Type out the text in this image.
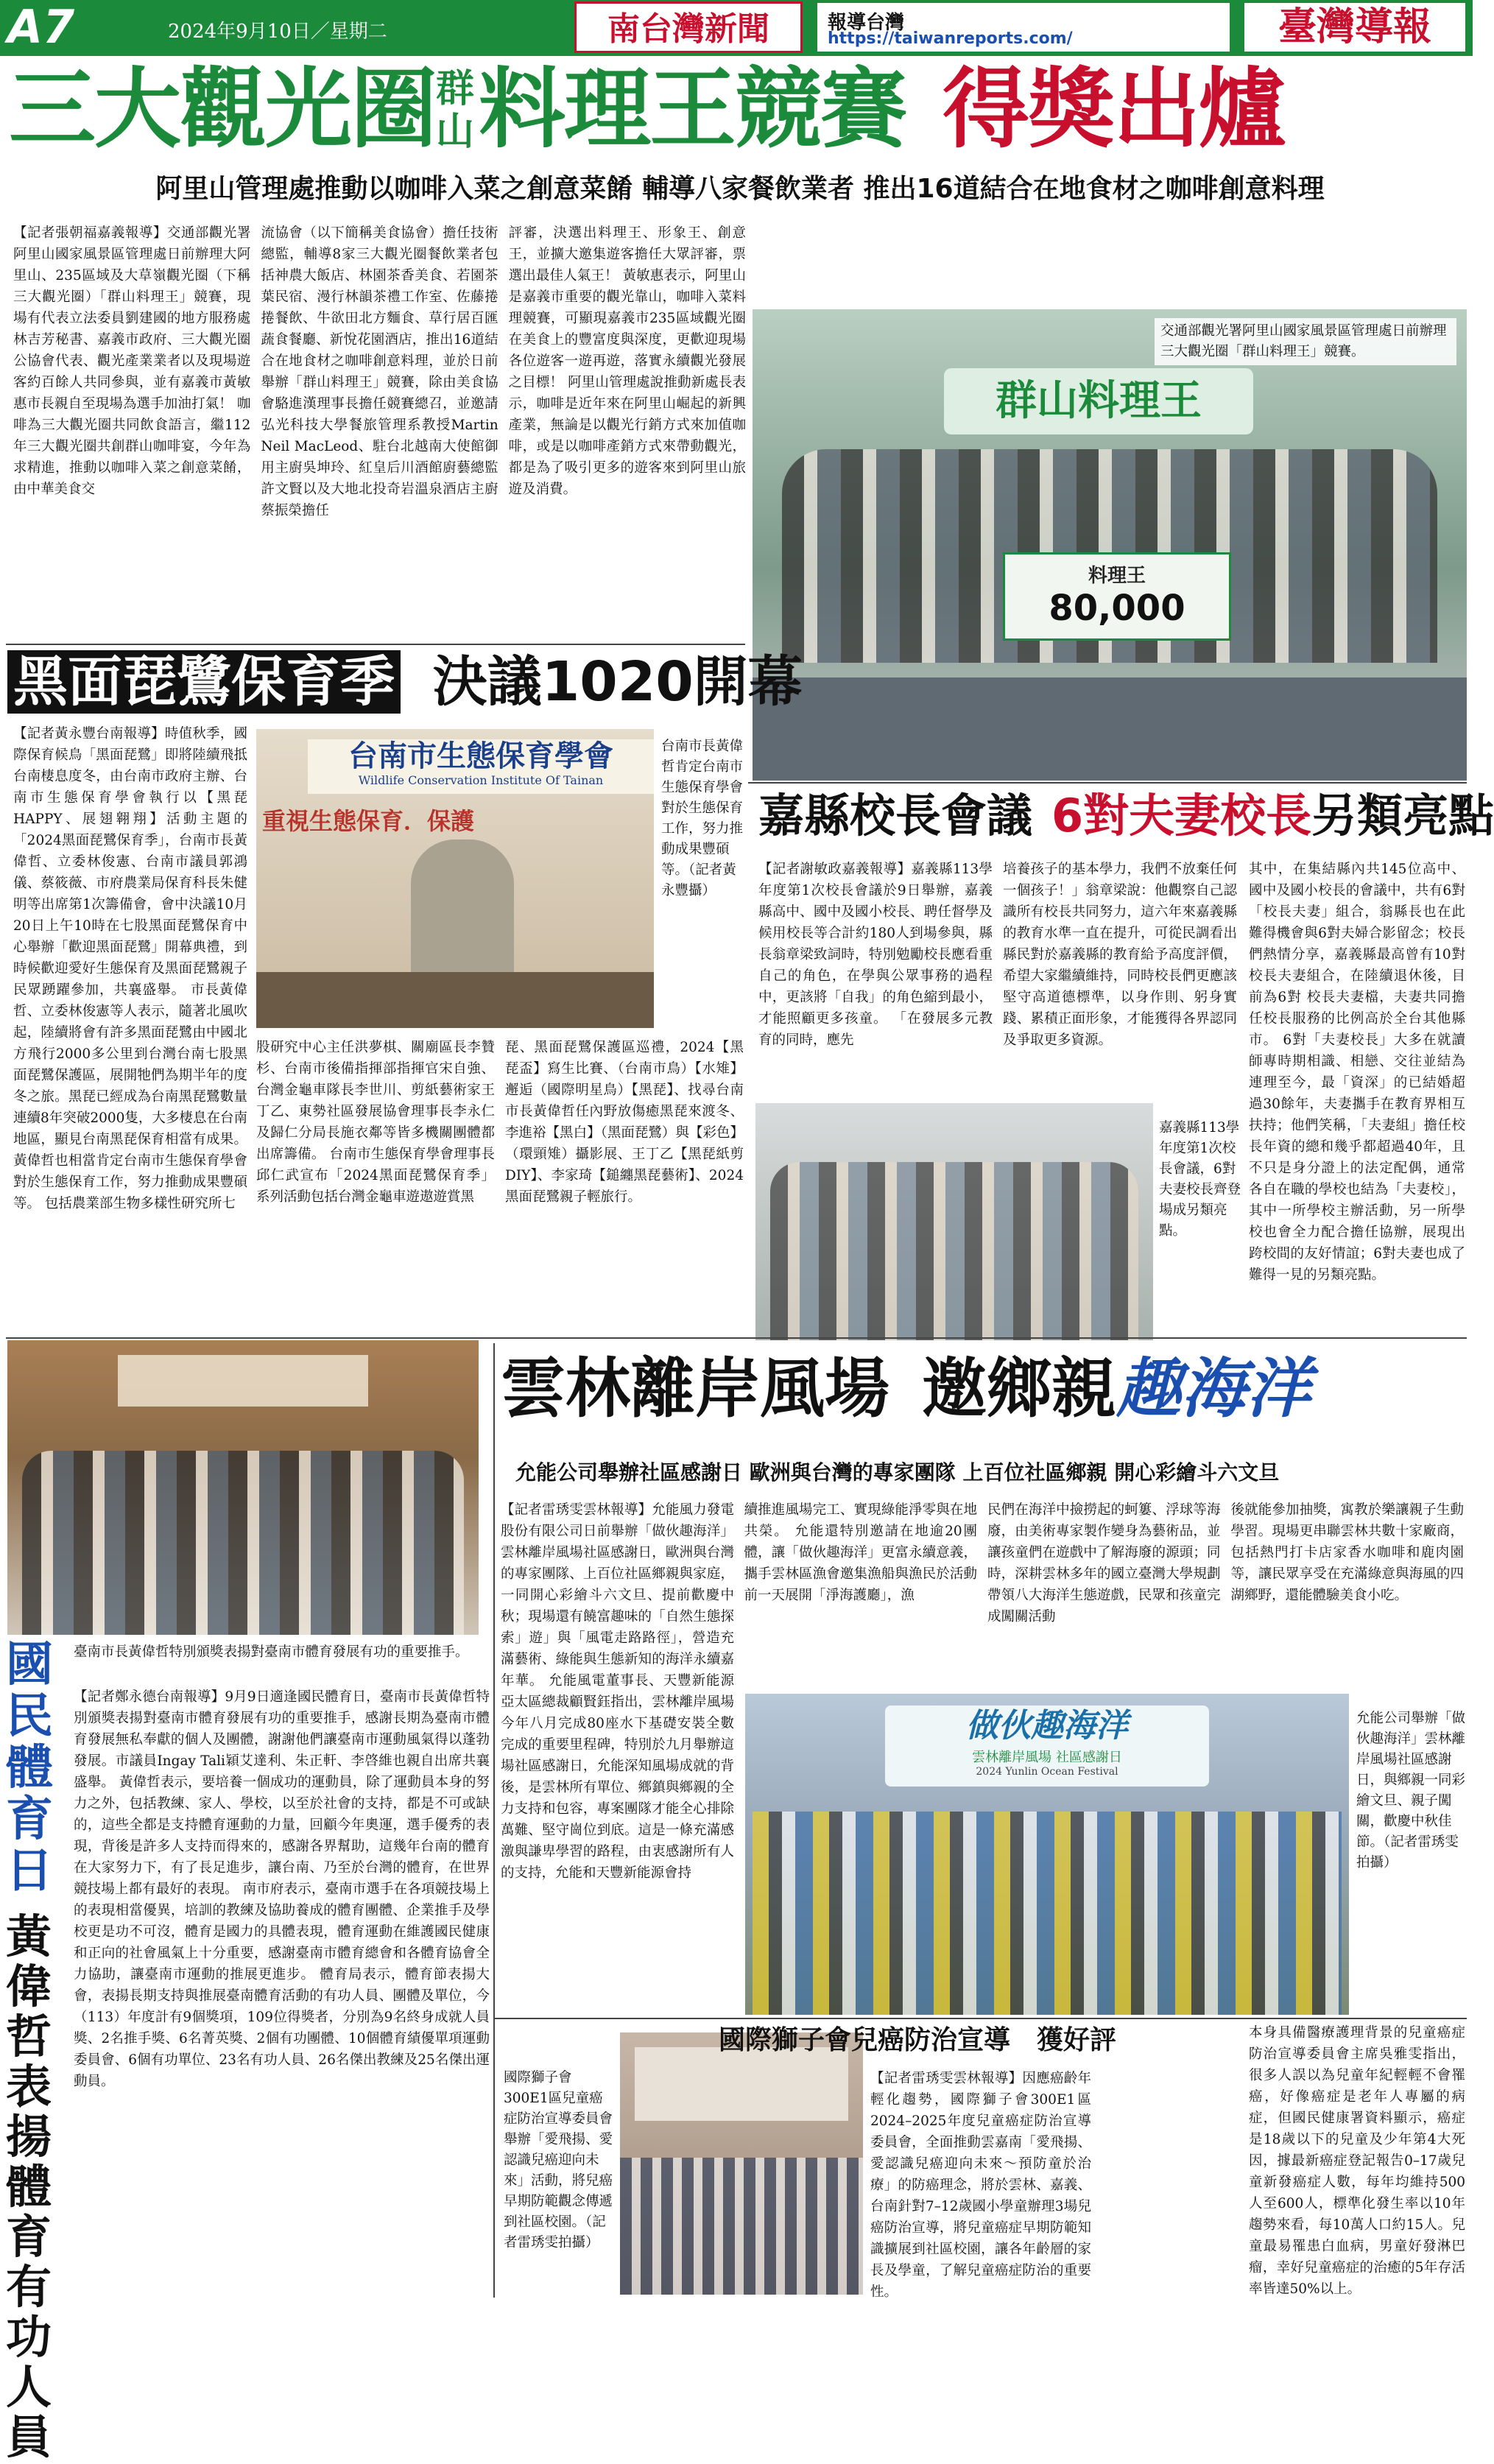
A7	2024年9月10日／星期二	南台灣新聞	報導台灣
https://taiwanreports.com/	臺灣導報
三大觀光圈群山料理王競賽 得獎出爐
阿里山管理處推動以咖啡入菜之創意菜餚 輔導八家餐飲業者 推出16道結合在地食材之咖啡創意料理

【記者張朝福嘉義報導】交通部觀光署阿里山國家風景區管理處日前辦理大阿里山、235區域及大草嶺觀光圈（下稱三大觀光圈）「群山料理王」競賽，現場有代表立法委員劉建國的地方服務處林吉芳秘書、嘉義市政府、三大觀光圈公協會代表、觀光產業業者以及現場遊客約百餘人共同參與，並有嘉義市黃敏惠市長親自至現場為選手加油打氣！ 咖啡為三大觀光圈共同飲食語言，繼112年三大觀光圈共創群山咖啡宴，今年為求精進，推動以咖啡入菜之創意菜餚，由中華美食交

流協會（以下簡稱美食協會）擔任技術總監，輔導8家三大觀光圈餐飲業者包括神農大飯店、林園茶香美食、若園茶葉民宿、漫行林韻茶禮工作室、佐藤捲捲餐飲、牛欲田北方麵食、草行居百匯蔬食餐廳、新悅花園酒店，推出16道結合在地食材之咖啡創意料理，並於日前舉辦「群山料理王」競賽，除由美食協會駱進漢理事長擔任競賽總召，並邀請弘光科技大學餐旅管理系教授Martin Neil MacLeod、駐台北越南大使館御用主廚吳坤玲、紅皇后川酒館廚藝總監許文賢以及大地北投奇岩溫泉酒店主廚蔡振榮擔任

評審，決選出料理王、形象王、創意王，並擴大邀集遊客擔任大眾評審，票選出最佳人氣王！ 黃敏惠表示，阿里山是嘉義市重要的觀光靠山，咖啡入菜料理競賽，可顯現嘉義市235區域觀光圈在美食上的豐富度與深度，更歡迎現場各位遊客一遊再遊，落實永續觀光發展之目標！ 阿里山管理處說推動新處長表示，咖啡是近年來在阿里山崛起的新興產業，無論是以觀光行銷方式來加值咖啡，或是以咖啡產銷方式來帶動觀光，都是為了吸引更多的遊客來到阿里山旅遊及消費。

群山料理王
料理王
80,000
交通部觀光署阿里山國家風景區管理處日前辦理三大觀光圈「群山料理王」競賽。
黑面琵鷺保育季 決議1020開幕

【記者黃永豐台南報導】時值秋季，國際保育候鳥「黑面琵鷺」即將陸續飛抵台南棲息度冬，由台南市政府主辦、台南市生態保育學會執行以【黑琵HAPPY、展翅翱翔】活動主題的「2024黑面琵鷺保育季」，台南市長黃偉哲、立委林俊憲、台南市議員郭鴻儀、蔡筱薇、市府農業局保育科長朱健明等出席第1次籌備會，會中決議10月20日上午10時在七股黑面琵鷺保育中心舉辦「歡迎黑面琵鷺」開幕典禮，到時候歡迎愛好生態保育及黑面琵鷺親子民眾踴躍參加，共襄盛舉。 市長黃偉哲、立委林俊憲等人表示，隨著北風吹起，陸續將會有許多黑面琵鷺由中國北方飛行2000多公里到台灣台南七股黑面琵鷺保護區，展開牠們為期半年的度冬之旅。黑琵已經成為台南黑琵鷺數量連續8年突破2000隻，大多棲息在台南地區，顯見台南黑琵保育相當有成果。 黃偉哲也相當肯定台南市生態保育學會對於生態保育工作，努力推動成果豐碩等。 包括農業部生物多樣性研究所七

台南市生態保育學會
Wildlife Conservation Institute Of Tainan
重視生態保育．保護
台南市長黃偉哲肯定台南市生態保育學會對於生態保育工作，努力推動成果豐碩等。（記者黃永豐攝）

股研究中心主任洪夢棋、關廟區長李贊杉、台南市後備指揮部指揮官宋自強、台灣金龜車隊長李世川、剪紙藝術家王丁乙、東勢社區發展協會理事長李永仁及歸仁分局長施衣鄰等皆多機關團體都出席籌備。 台南市生態保育學會理事長邱仁武宣布「2024黑面琵鷺保育季」系列活動包括台灣金龜車遊遨遊賞黑

琵、黑面琵鷺保護區巡禮，2024【黑琵盃】寫生比賽、（台南市鳥）【水雉】邂逅（國際明星鳥）【黑琵】、找尋台南市長黃偉哲任內野放傷癒黑琵來渡冬、李進裕【黑白】（黑面琵鷺）與【彩色】（環頸雉）攝影展、王丁乙【黑琵紙剪DIY】、李家琦【鎚纏黑琵藝術】、2024黑面琵鷺親子輕旅行。

嘉縣校長會議 6對夫妻校長另類亮點

【記者謝敏政嘉義報導】嘉義縣113學年度第1次校長會議於9日舉辦，嘉義縣高中、國中及國小校長、聘任督學及候用校長等合計約180人到場參與，縣長翁章梁致詞時，特別勉勵校長應看重自己的角色，在學與公眾事務的過程中，更該將「自我」的角色縮到最小，才能照顧更多孩童。 「在發展多元教育的同時，應先

培養孩子的基本學力，我們不放棄任何一個孩子！」翁章梁說：他觀察自己認識所有校長共同努力，這六年來嘉義縣的教育水準一直在提升，可從民調看出縣民對於嘉義縣的教育給予高度評價，希望大家繼續維持，同時校長們更應該堅守高道德標準，以身作則、躬身實踐、累積正面形象，才能獲得各界認同及爭取更多資源。

其中，在集結縣內共145位高中、國中及國小校長的會議中，共有6對「校長夫妻」組合，翁縣長也在此難得機會與6對夫婦合影留念；校長們熱情分享，嘉義縣最高曾有10對校長夫妻組合，在陸續退休後，目前為6對 校長夫妻檔，夫妻共同擔任校長服務的比例高於全台其他縣市。 6對「夫妻校長」大多在就讀師專時期相識、相戀、交往並結為連理至今，最「資深」的已結婚超過30餘年，夫妻攜手在教育界相互扶持；他們笑稱，「夫妻組」擔任校長年資的總和幾乎都超過40年，且不只是身分證上的法定配偶，通常各自在職的學校也結為「夫妻校」，其中一所學校主辦活動，另一所學校也會全力配合擔任協辦，展現出跨校間的友好情誼；6對夫妻也成了難得一見的另類亮點。

嘉義縣113學年度第1次校長會議，6對夫妻校長齊登場成另類亮點。
雲林離岸風場 邀鄉親趣海洋
允能公司舉辦社區感謝日 歐洲與台灣的專家團隊 上百位社區鄉親 開心彩繪斗六文旦

續推進風場完工、實現綠能淨零與在地共榮。 允能還特別邀請在地逾20團體，讓「做伙趣海洋」更富永續意義，攜手雲林區漁會邀集漁船與漁民於活動前一天展開「淨海護廳」，漁

民們在海洋中撿撈起的蚵簍、浮球等海廢，由美術專家製作變身為藝術品，並讓孩童們在遊戲中了解海廢的源頭；同時，深耕雲林多年的國立臺灣大學規劃帶領八大海洋生態遊戲，民眾和孩童完成闖關活動

後就能參加抽獎，寓教於樂讓親子生動學習。現場更串聯雲林共數十家廠商，包括熱門打卡店家香水咖啡和鹿肉園等，讓民眾享受在充滿綠意與海風的四湖鄉野，還能體驗美食小吃。

【記者雷琇雯雲林報導】允能風力發電股份有限公司日前舉辦「做伙趣海洋」雲林離岸風場社區感謝日，歐洲與台灣的專家團隊、上百位社區鄉親與家庭，一同開心彩繪斗六文旦、提前歡慶中秋；現場還有饒富趣味的「自然生態探索」遊」與「風電走路路徑」，營造充滿藝術、綠能與生態新知的海洋永續嘉年華。 允能風電董事長、天豐新能源亞太區總裁顧賢鈺指出，雲林離岸風場今年八月完成80座水下基礎安裝全數完成的重要里程碑，特別於九月舉辦這場社區感謝日，允能深知風場成就的背後，是雲林所有單位、鄉鎮與鄉親的全力支持和包容，專案團隊才能全心排除萬難、堅守崗位到底。這是一條充滿感激與謙卑學習的路程，由衷感謝所有人的支持，允能和天豐新能源會持

做伙趣海洋
雲林離岸風場 社區感謝日
2024 Yunlin Ocean Festival
允能公司舉辦「做伙趣海洋」雲林離岸風場社區感謝日，與鄉親一同彩繪文旦、親子闖關，歡慶中秋佳節。（記者雷琇雯拍攝）
國民體育日
黃偉哲表揚體育有功人員
臺南市長黃偉哲特別頒獎表揚對臺南市體育發展有功的重要推手。

【記者鄭永德台南報導】9月9日適逢國民體育日，臺南市長黃偉哲特別頒獎表揚對臺南市體育發展有功的重要推手，感謝長期為臺南市體育發展無私奉獻的個人及團體，謝謝他們讓臺南市運動風氣得以蓬勃發展。市議員Ingay Tali穎艾達利、朱正軒、李啓維也親自出席共襄盛舉。 黃偉哲表示，要培養一個成功的運動員，除了運動員本身的努力之外，包括教練、家人、學校，以至於社會的支持，都是不可或缺的，這些全都是支持體育運動的力量，回顧今年奧運，選手優秀的表現，背後是許多人支持而得來的，感謝各界幫助，這幾年台南的體育在大家努力下，有了長足進步，讓台南、乃至於台灣的體育，在世界競技場上都有最好的表現。 南市府表示，臺南市選手在各項競技場上的表現相當優異，培訓的教練及協助養成的體育團體、企業推手及學校更是功不可沒，體育是國力的具體表現，體育運動在維護國民健康和正向的社會風氣上十分重要，感謝臺南市體育總會和各體育協會全力協助，讓臺南市運動的推展更進步。 體育局表示，體育節表揚大會，表揚長期支持與推展臺南體育活動的有功人員、團體及單位，今（113）年度計有9個獎項，109位得獎者，分別為9名終身成就人員獎、2名推手獎、6名菁英獎、2個有功團體、10個體育績優單項運動委員會、6個有功單位、23名有功人員、26名傑出教練及25名傑出運動員。	國際獅子會300E1區兒童癌症防治宣導委員會舉辦「愛飛揚、愛認識兒癌迎向未來」活動，將兒癌早期防範觀念傳遞到社區校園。（記者雷琇雯拍攝）
國際獅子會兒癌防治宣導　獲好評

【記者雷琇雯雲林報導】因應癌齡年輕化趨勢，國際獅子會300E1區2024–2025年度兒童癌症防治宣導委員會，全面推動雲嘉南「愛飛揚、愛認識兒癌迎向未來～預防童於治療」的防癌理念，將於雲林、嘉義、台南針對7–12歲國小學童辦理3場兒癌防治宣導，將兒童癌症早期防範知識擴展到社區校園，讓各年齡層的家長及學童，了解兒童癌症防治的重要性。

本身具備醫療護理背景的兒童癌症防治宣導委員會主席吳雅雯指出，很多人誤以為兒童年紀輕輕不會罹癌，好像癌症是老年人專屬的病症，但國民健康署資料顯示，癌症是18歲以下的兒童及少年第4大死因，據最新癌症登記報告0–17歲兒童新發癌症人數，每年均維持500人至600人，標準化發生率以10年趨勢來看，每10萬人口約15人。兒童最易罹患白血病，男童好發淋巴瘤，幸好兒童癌症的治癒的5年存活率皆達50%以上。
